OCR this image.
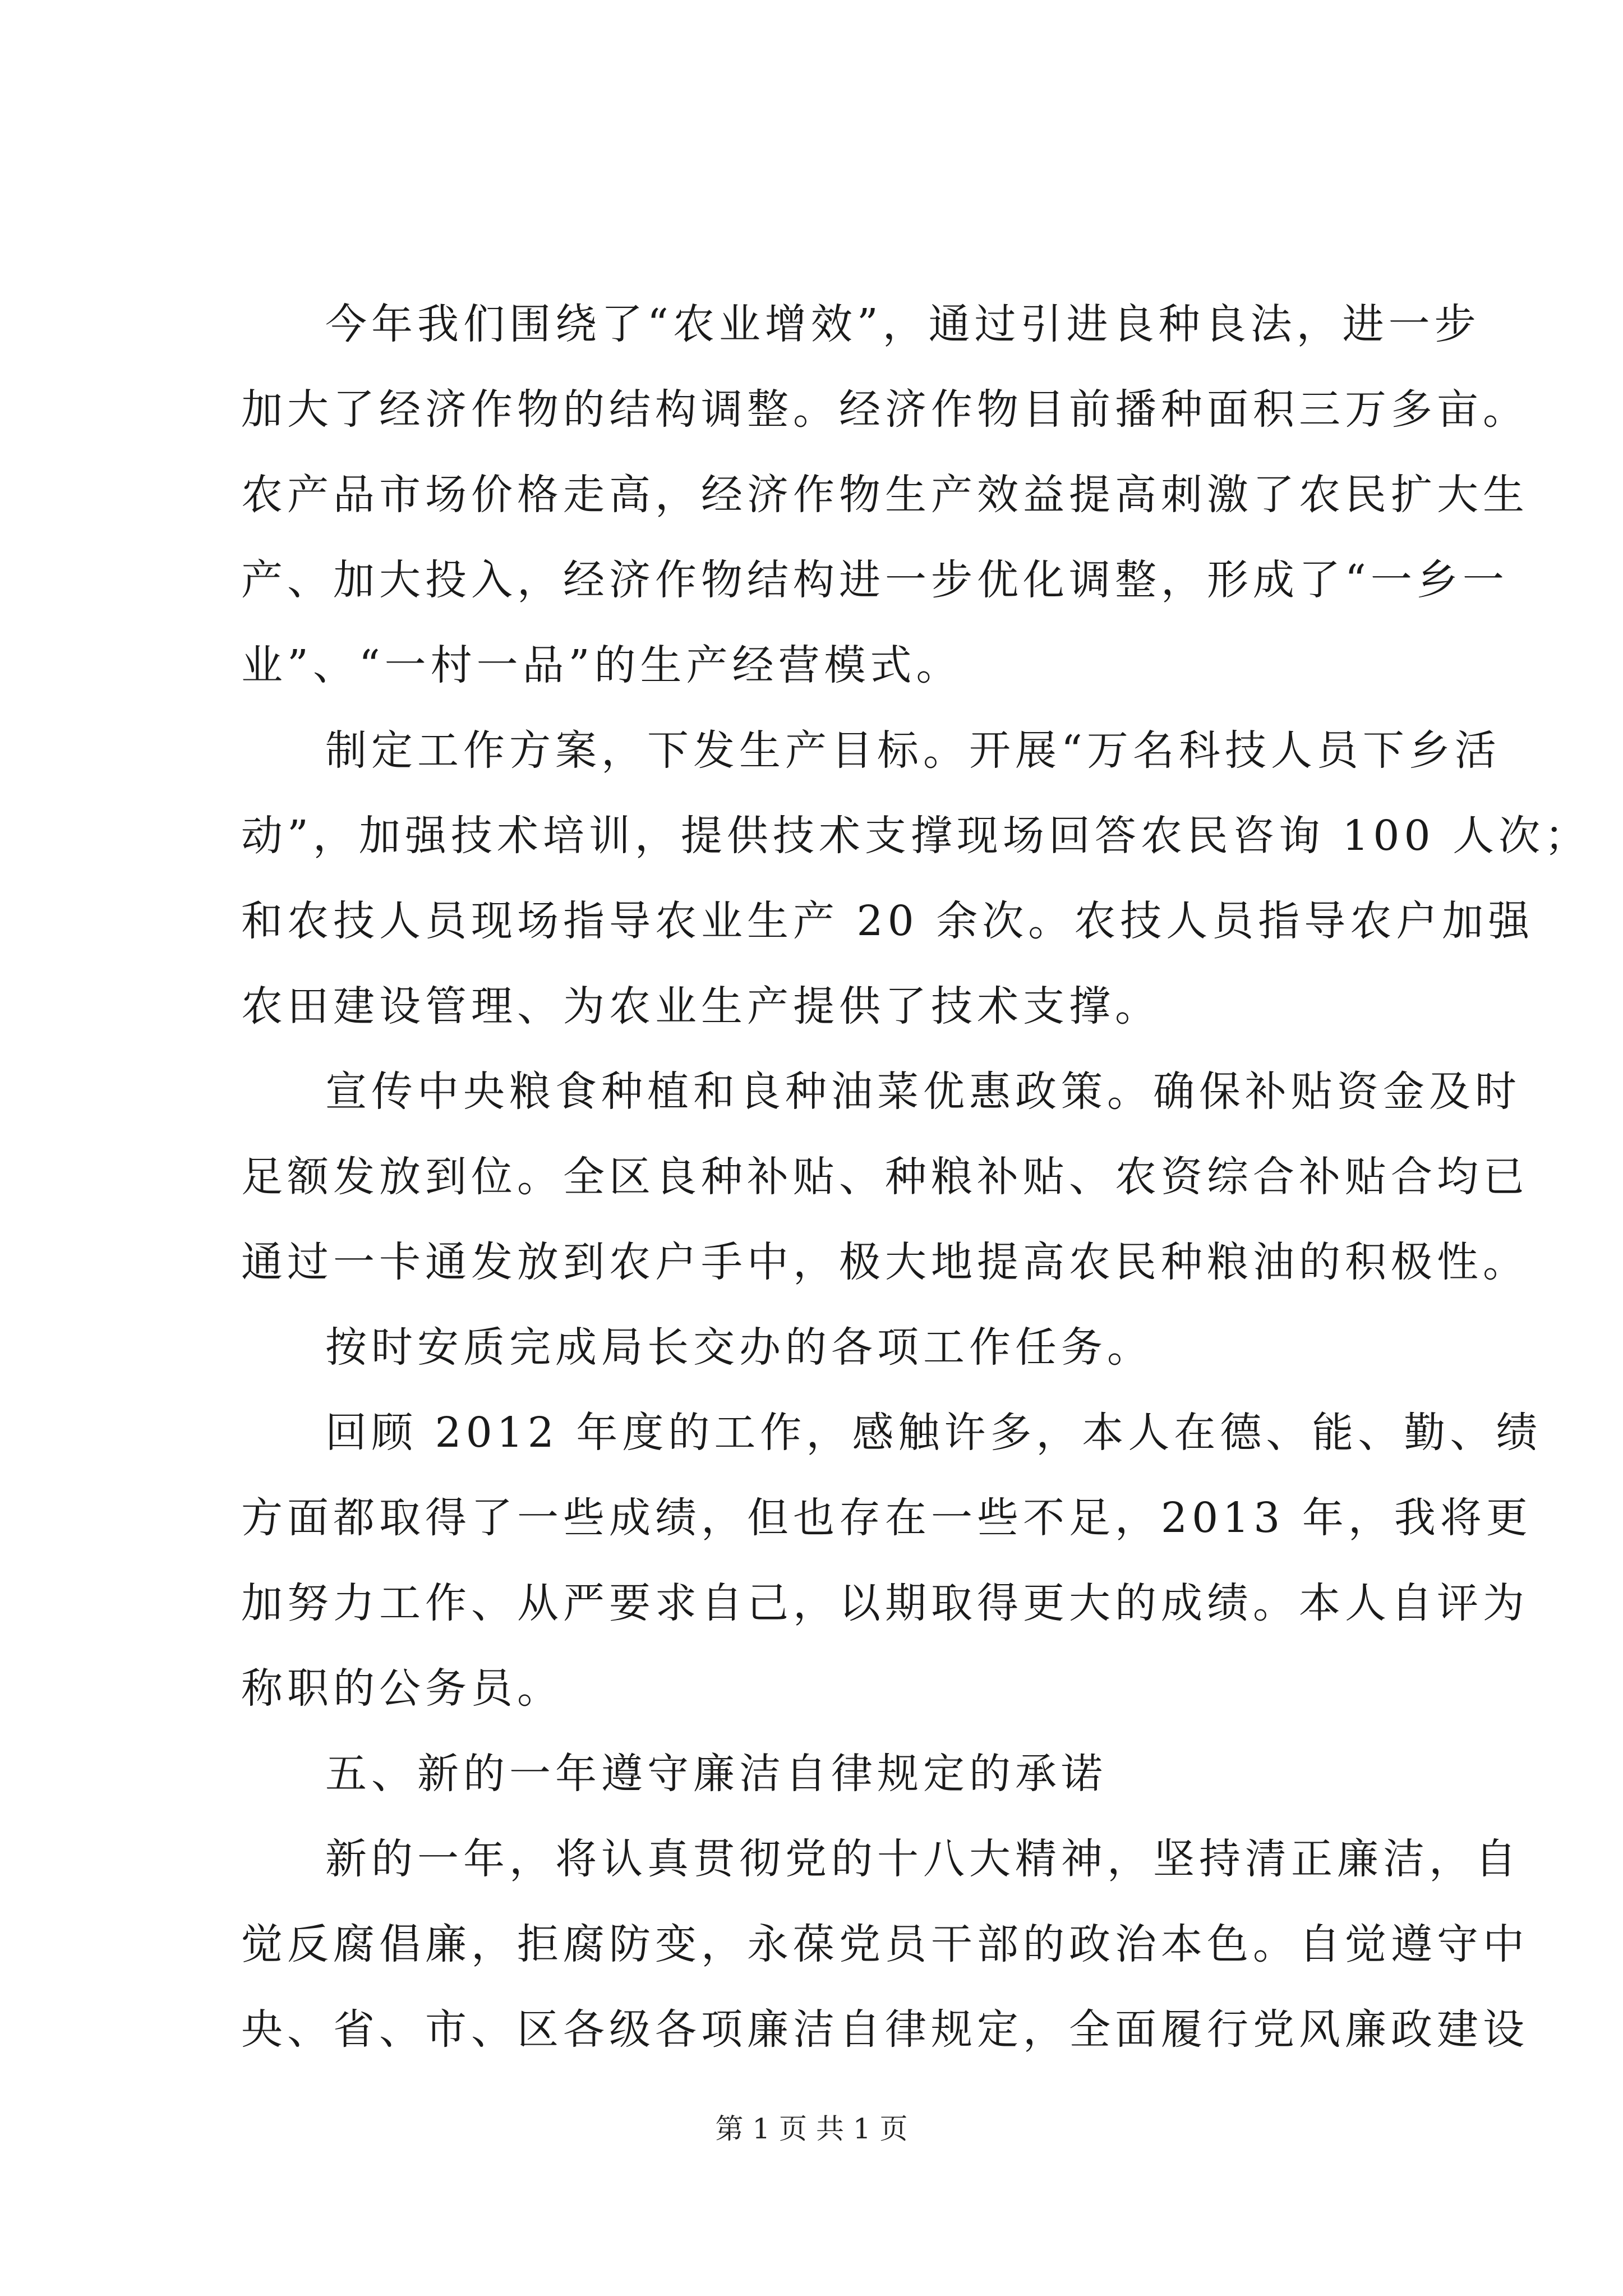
今年我们围绕了“农业增效”，通过引进良种良法，进一步
加大了经济作物的结构调整。经济作物目前播种面积三万多亩。
农产品市场价格走高，经济作物生产效益提高刺激了农民扩大生
产、加大投入，经济作物结构进一步优化调整，形成了“一乡一
业”、“一村一品”的生产经营模式。
制定工作方案，下发生产目标。开展“万名科技人员下乡活
动”，加强技术培训，提供技术支撑现场回答农民咨询 100 人次；
和农技人员现场指导农业生产 20 余次。农技人员指导农户加强
农田建设管理、为农业生产提供了技术支撑。
宣传中央粮食种植和良种油菜优惠政策。确保补贴资金及时
足额发放到位。全区良种补贴、种粮补贴、农资综合补贴合均已
通过一卡通发放到农户手中，极大地提高农民种粮油的积极性。
按时安质完成局长交办的各项工作任务。
回顾 2012 年度的工作，感触许多，本人在德、能、勤、绩
方面都取得了一些成绩，但也存在一些不足，2013 年，我将更
加努力工作、从严要求自己，以期取得更大的成绩。本人自评为
称职的公务员。
五、新的一年遵守廉洁自律规定的承诺
新的一年，将认真贯彻党的十八大精神，坚持清正廉洁，自
觉反腐倡廉，拒腐防变，永葆党员干部的政治本色。自觉遵守中
央、省、市、区各级各项廉洁自律规定，全面履行党风廉政建设
第 1 页 共 1 页
